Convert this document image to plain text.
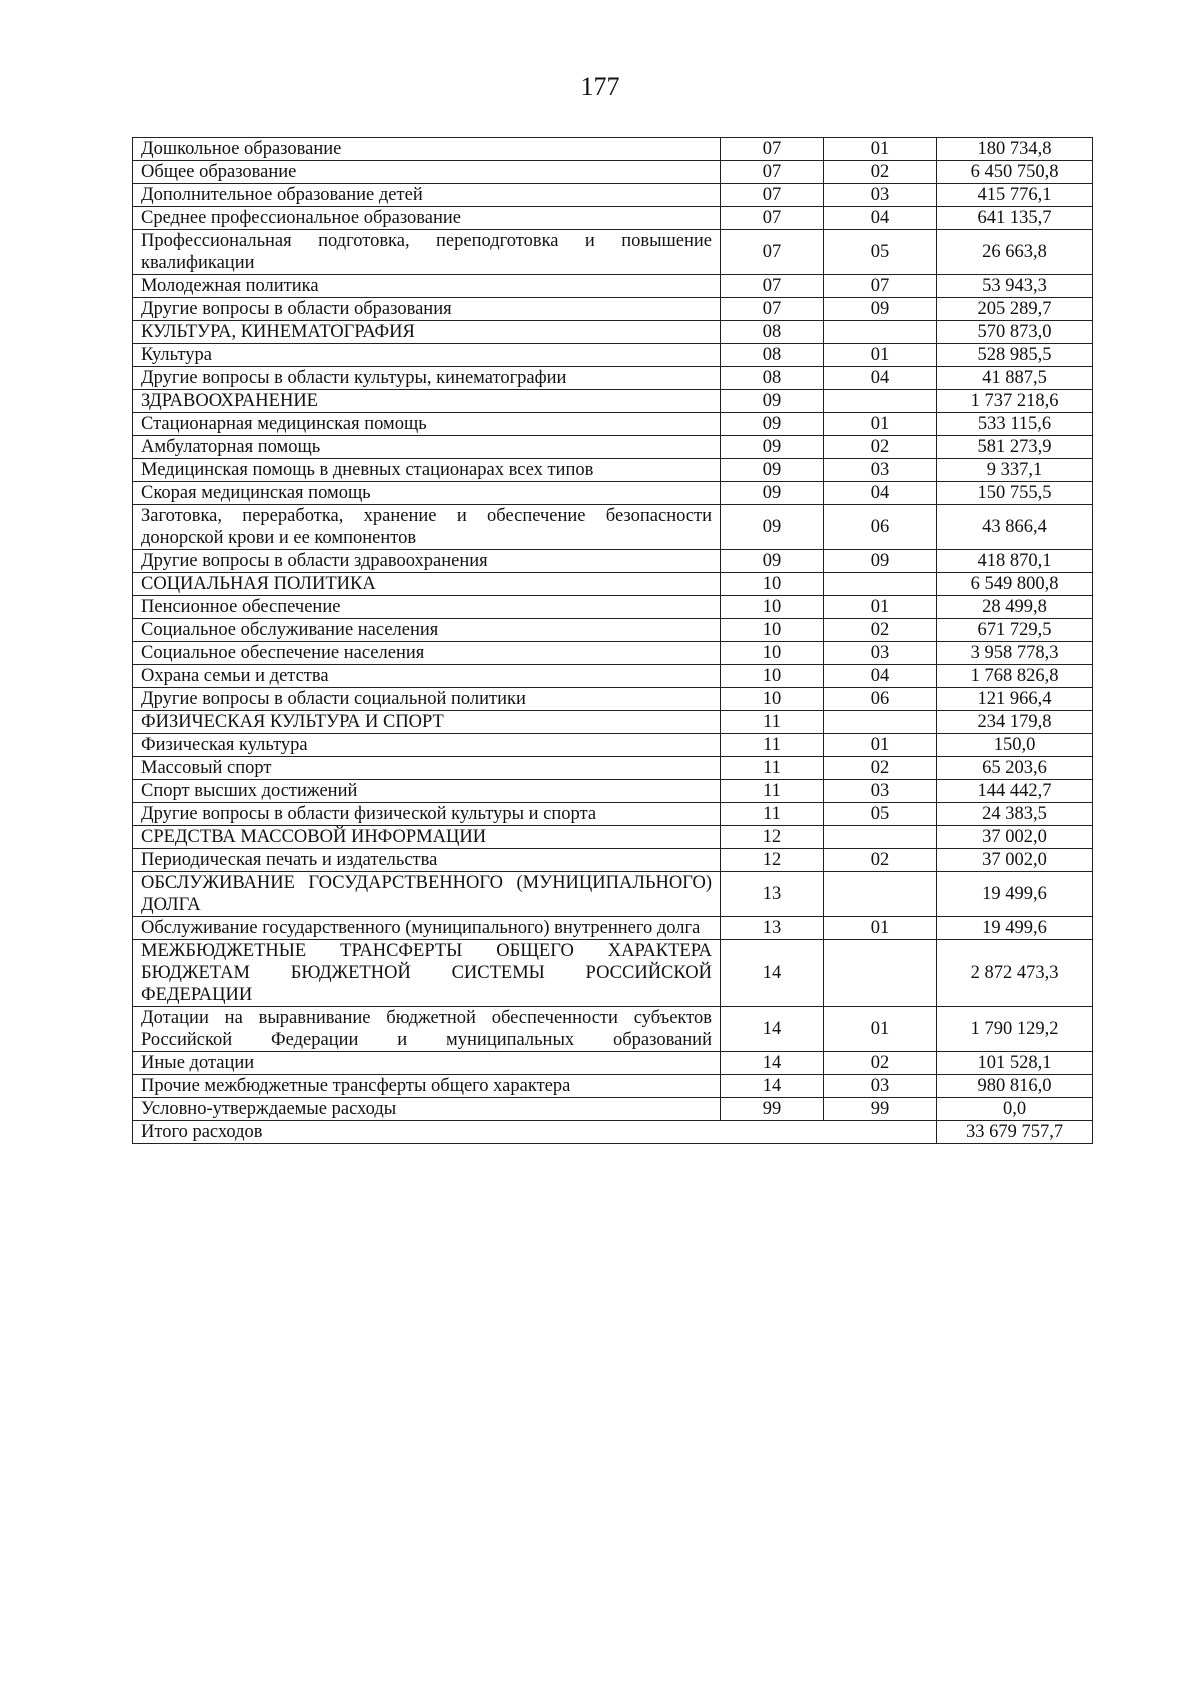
177
Дошкольное образование	07	01	180 734,8
Общее образование	07	02	6 450 750,8
Дополнительное образование детей	07	03	415 776,1
Среднее профессиональное образование	07	04	641 135,7
Профессиональная подготовка, переподготовка и повышение квалификации	07	05	26 663,8
Молодежная политика	07	07	53 943,3
Другие вопросы в области образования	07	09	205 289,7
КУЛЬТУРА, КИНЕМАТОГРАФИЯ	08		570 873,0
Культура	08	01	528 985,5
Другие вопросы в области культуры, кинематографии	08	04	41 887,5
ЗДРАВООХРАНЕНИЕ	09		1 737 218,6
Стационарная медицинская помощь	09	01	533 115,6
Амбулаторная помощь	09	02	581 273,9
Медицинская помощь в дневных стационарах всех типов	09	03	9 337,1
Скорая медицинская помощь	09	04	150 755,5
Заготовка, переработка, хранение и обеспечение безопасности донорской крови и ее компонентов	09	06	43 866,4
Другие вопросы в области здравоохранения	09	09	418 870,1
СОЦИАЛЬНАЯ ПОЛИТИКА	10		6 549 800,8
Пенсионное обеспечение	10	01	28 499,8
Социальное обслуживание населения	10	02	671 729,5
Социальное обеспечение населения	10	03	3 958 778,3
Охрана семьи и детства	10	04	1 768 826,8
Другие вопросы в области социальной политики	10	06	121 966,4
ФИЗИЧЕСКАЯ КУЛЬТУРА И СПОРТ	11		234 179,8
Физическая культура	11	01	150,0
Массовый спорт	11	02	65 203,6
Спорт высших достижений	11	03	144 442,7
Другие вопросы в области физической культуры и спорта	11	05	24 383,5
СРЕДСТВА МАССОВОЙ ИНФОРМАЦИИ	12		37 002,0
Периодическая печать и издательства	12	02	37 002,0
ОБСЛУЖИВАНИЕ ГОСУДАРСТВЕННОГО (МУНИЦИПАЛЬНОГО) ДОЛГА	13		19 499,6
Обслуживание государственного (муниципального) внутреннего долга	13	01	19 499,6
МЕЖБЮДЖЕТНЫЕ ТРАНСФЕРТЫ ОБЩЕГО ХАРАКТЕРА БЮДЖЕТАМ БЮДЖЕТНОЙ СИСТЕМЫ РОССИЙСКОЙ ФЕДЕРАЦИИ	14		2 872 473,3
Дотации на выравнивание бюджетной обеспеченности субъектов Российской Федерации и муниципальных образований	14	01	1 790 129,2
Иные дотации	14	02	101 528,1
Прочие межбюджетные трансферты общего характера	14	03	980 816,0
Условно-утверждаемые расходы	99	99	0,0
Итого расходов			33 679 757,7
